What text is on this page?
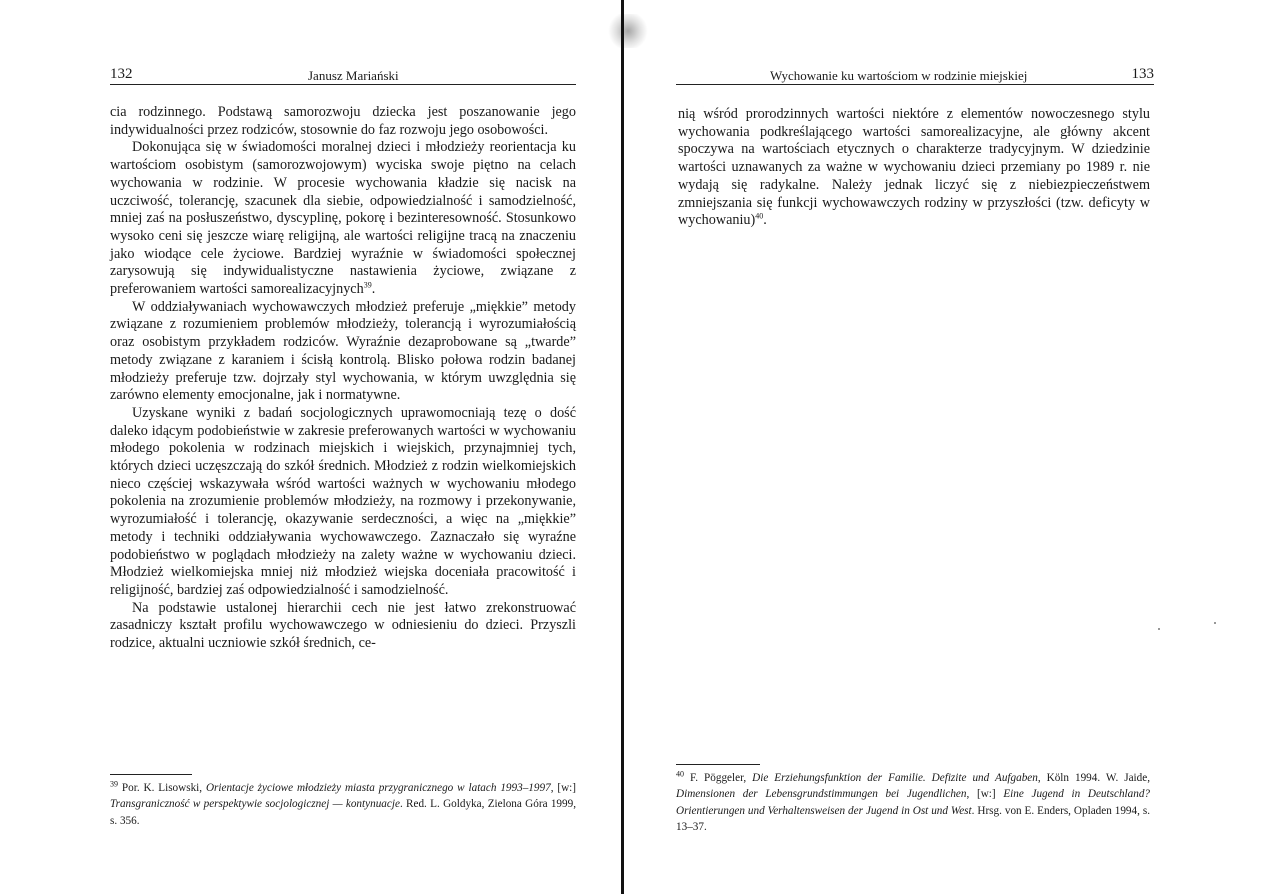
132	Janusz Mariański

cia rodzinnego. Podstawą samorozwoju dziecka jest poszanowanie jego indywidualności przez rodziców, stosownie do faz rozwoju jego osobowości.

Dokonująca się w świadomości moralnej dzieci i młodzieży reorientacja ku wartościom osobistym (samorozwojowym) wyciska swoje piętno na celach wychowania w rodzinie. W procesie wychowania kładzie się nacisk na uczciwość, tolerancję, szacunek dla siebie, odpowiedzialność i samodzielność, mniej zaś na posłuszeństwo, dyscyplinę, pokorę i bezinteresowność. Stosunkowo wysoko ceni się jeszcze wiarę religijną, ale wartości religijne tracą na znaczeniu jako wiodące cele życiowe. Bardziej wyraźnie w świadomości społecznej zarysowują się indywidualistyczne nastawienia życiowe, związane z preferowaniem wartości samorealizacyjnych$^{39}$.

W oddziaływaniach wychowawczych młodzież preferuje „miękkie” metody związane z rozumieniem problemów młodzieży, tolerancją i wyrozumiałością oraz osobistym przykładem rodziców. Wyraźnie dezaprobowane są „twarde” metody związane z karaniem i ścisłą kontrolą. Blisko połowa rodzin badanej młodzieży preferuje tzw. dojrzały styl wychowania, w którym uwzględnia się zarówno elementy emocjonalne, jak i normatywne.

Uzyskane wyniki z badań socjologicznych uprawomocniają tezę o dość daleko idącym podobieństwie w zakresie preferowanych wartości w wychowaniu młodego pokolenia w rodzinach miejskich i wiejskich, przynajmniej tych, których dzieci uczęszczają do szkół średnich. Młodzież z rodzin wielkomiejskich nieco częściej wskazywała wśród wartości ważnych w wychowaniu młodego pokolenia na zrozumienie problemów młodzieży, na rozmowy i przekonywanie, wyrozumiałość i tolerancję, okazywanie serdeczności, a więc na „miękkie” metody i techniki oddziaływania wychowawczego. Zaznaczało się wyraźne podobieństwo w poglądach młodzieży na zalety ważne w wychowaniu dzieci. Młodzież wielkomiejska mniej niż młodzież wiejska doceniała pracowitość i religijność, bardziej zaś odpowiedzialność i samodzielność.

Na podstawie ustalonej hierarchii cech nie jest łatwo zrekonstruować zasadniczy kształt profilu wychowawczego w odniesieniu do dzieci. Przyszli rodzice, aktualni uczniowie szkół średnich, ce-

$^{39}$ Por. K. Lisowski, Orientacje życiowe młodzieży miasta przygranicznego w latach 1993–1997, [w:] Transgraniczność w perspektywie socjologicznej — kontynuacje. Red. L. Goldyka, Zielona Góra 1999, s. 356.
Wychowanie ku wartościom w rodzinie miejskiej	133

nią wśród prorodzinnych wartości niektóre z elementów nowoczesnego stylu wychowania podkreślającego wartości samorealizacyjne, ale główny akcent spoczywa na wartościach etycznych o charakterze tradycyjnym. W dziedzinie wartości uznawanych za ważne w wychowaniu dzieci przemiany po 1989 r. nie wydają się radykalne. Należy jednak liczyć się z niebiezpieczeństwem zmniejszania się funkcji wychowawczych rodziny w przyszłości (tzw. deficyty w wychowaniu)$^{40}$.

$^{40}$ F. Pöggeler, Die Erziehungsfunktion der Familie. Defizite und Aufgaben, Köln 1994. W. Jaide, Dimensionen der Lebensgrundstimmungen bei Jugendlichen, [w:] Eine Jugend in Deutschland? Orientierungen und Verhaltensweisen der Jugend in Ost und West. Hrsg. von E. Enders, Opladen 1994, s. 13–37.
